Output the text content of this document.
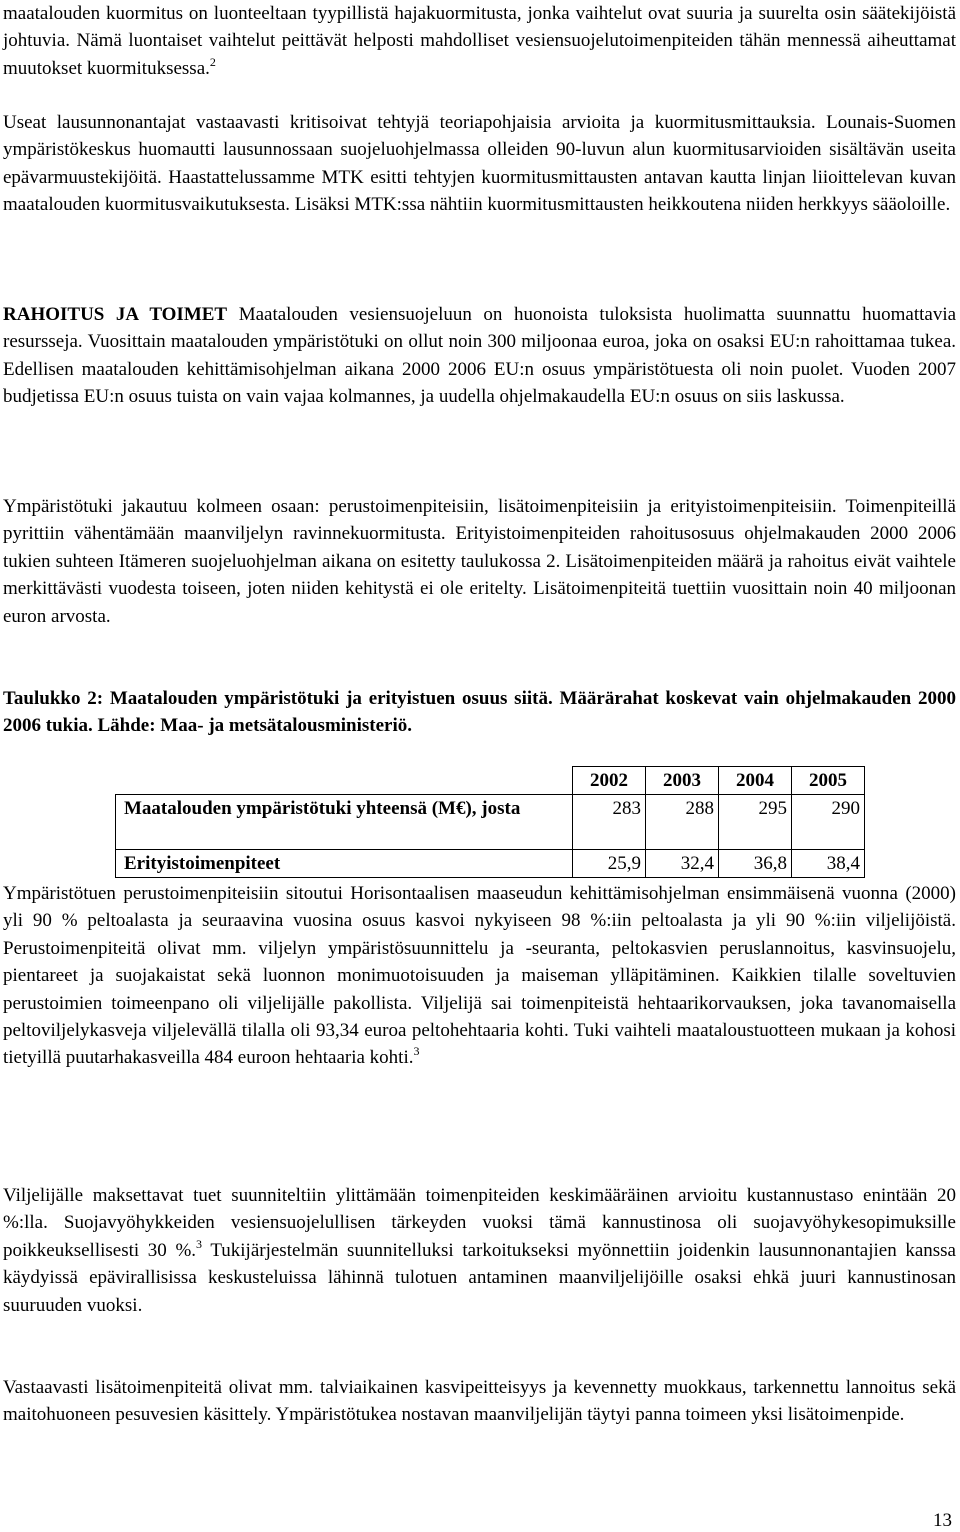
maatalouden kuormitus on luonteeltaan tyypillistä hajakuormitusta, jonka vaihtelut ovat suuria ja suurelta osin säätekijöistä johtuvia. Nämä luontaiset vaihtelut peittävät helposti mahdolliset vesiensuojelutoimenpiteiden tähän mennessä aiheuttamat muutokset kuormituksessa.$^2$

Useat lausunnonantajat vastaavasti kritisoivat tehtyjä teoriapohjaisia arvioita ja kuormitusmittauksia. Lounais-Suomen ympäristökeskus huomautti lausunnossaan suojeluohjelmassa olleiden 90-luvun alun kuormitusarvioiden sisältävän useita epävarmuustekijöitä. Haastattelussamme MTK esitti tehtyjen kuormitusmittausten antavan kautta linjan liioittelevan kuvan maatalouden kuormitusvaikutuksesta. Lisäksi MTK:ssa nähtiin kuormitusmittausten heikkoutena niiden herkkyys sääoloille.

RAHOITUS JA TOIMET Maatalouden vesiensuojeluun on huonoista tuloksista huolimatta suunnattu huomattavia resursseja. Vuosittain maatalouden ympäristötuki on ollut noin 300 miljoonaa euroa, joka on osaksi EU:n rahoittamaa tukea. Edellisen maatalouden kehittämisohjelman aikana 2000 2006 EU:n osuus ympäristötuesta oli noin puolet. Vuoden 2007 budjetissa EU:n osuus tuista on vain vajaa kolmannes, ja uudella ohjelmakaudella EU:n osuus on siis laskussa.

Ympäristötuki jakautuu kolmeen osaan: perustoimenpiteisiin, lisätoimenpiteisiin ja erityistoimenpiteisiin. Toimenpiteillä pyrittiin vähentämään maanviljelyn ravinnekuormitusta. Erityistoimenpiteiden rahoitusosuus ohjelmakauden 2000 2006 tukien suhteen Itämeren suojeluohjelman aikana on esitetty taulukossa 2. Lisätoimenpiteiden määrä ja rahoitus eivät vaihtele merkittävästi vuodesta toiseen, joten niiden kehitystä ei ole eritelty. Lisätoimenpiteitä tuettiin vuosittain noin 40 miljoonan euron arvosta.

Taulukko 2: Maatalouden ympäristötuki ja erityistuen osuus siitä. Määrärahat koskevat vain ohjelmakauden 2000 2006 tukia. Lähde: Maa- ja metsätalousministeriö.

	2002	2003	2004	2005
Maatalouden ympäristötuki yhteensä (M€), josta	283	288	295	290
Erityistoimenpiteet	25,9	32,4	36,8	38,4

Ympäristötuen perustoimenpiteisiin sitoutui Horisontaalisen maaseudun kehittämisohjelman ensimmäisenä vuonna (2000) yli 90 % peltoalasta ja seuraavina vuosina osuus kasvoi nykyiseen 98 %:iin peltoalasta ja yli 90 %:iin viljelijöistä. Perustoimenpiteitä olivat mm. viljelyn ympäristösuunnittelu ja -seuranta, peltokasvien peruslannoitus, kasvinsuojelu, pientareet ja suojakaistat sekä luonnon monimuotoisuuden ja maiseman ylläpitäminen. Kaikkien tilalle soveltuvien perustoimien toimeenpano oli viljelijälle pakollista. Viljelijä sai toimenpiteistä hehtaarikorvauksen, joka tavanomaisella peltoviljelykasveja viljelevällä tilalla oli 93,34 euroa peltohehtaaria kohti. Tuki vaihteli maataloustuotteen mukaan ja kohosi tietyillä puutarhakasveilla 484 euroon hehtaaria kohti.$^3$

Viljelijälle maksettavat tuet suunniteltiin ylittämään toimenpiteiden keskimääräinen arvioitu kustannustaso enintään 20 %:lla. Suojavyöhykkeiden vesiensuojelullisen tärkeyden vuoksi tämä kannustinosa oli suojavyöhykesopimuksille poikkeuksellisesti 30 %.$^3$ Tukijärjestelmän suunnitelluksi tarkoitukseksi myönnettiin joidenkin lausunnonantajien kanssa käydyissä epävirallisissa keskusteluissa lähinnä tulotuen antaminen maanviljelijöille osaksi ehkä juuri kannustinosan suuruuden vuoksi.

Vastaavasti lisätoimenpiteitä olivat mm. talviaikainen kasvipeitteisyys ja kevennetty muokkaus, tarkennettu lannoitus sekä maitohuoneen pesuvesien käsittely. Ympäristötukea nostavan maanviljelijän täytyi panna toimeen yksi lisätoimenpide.

13
